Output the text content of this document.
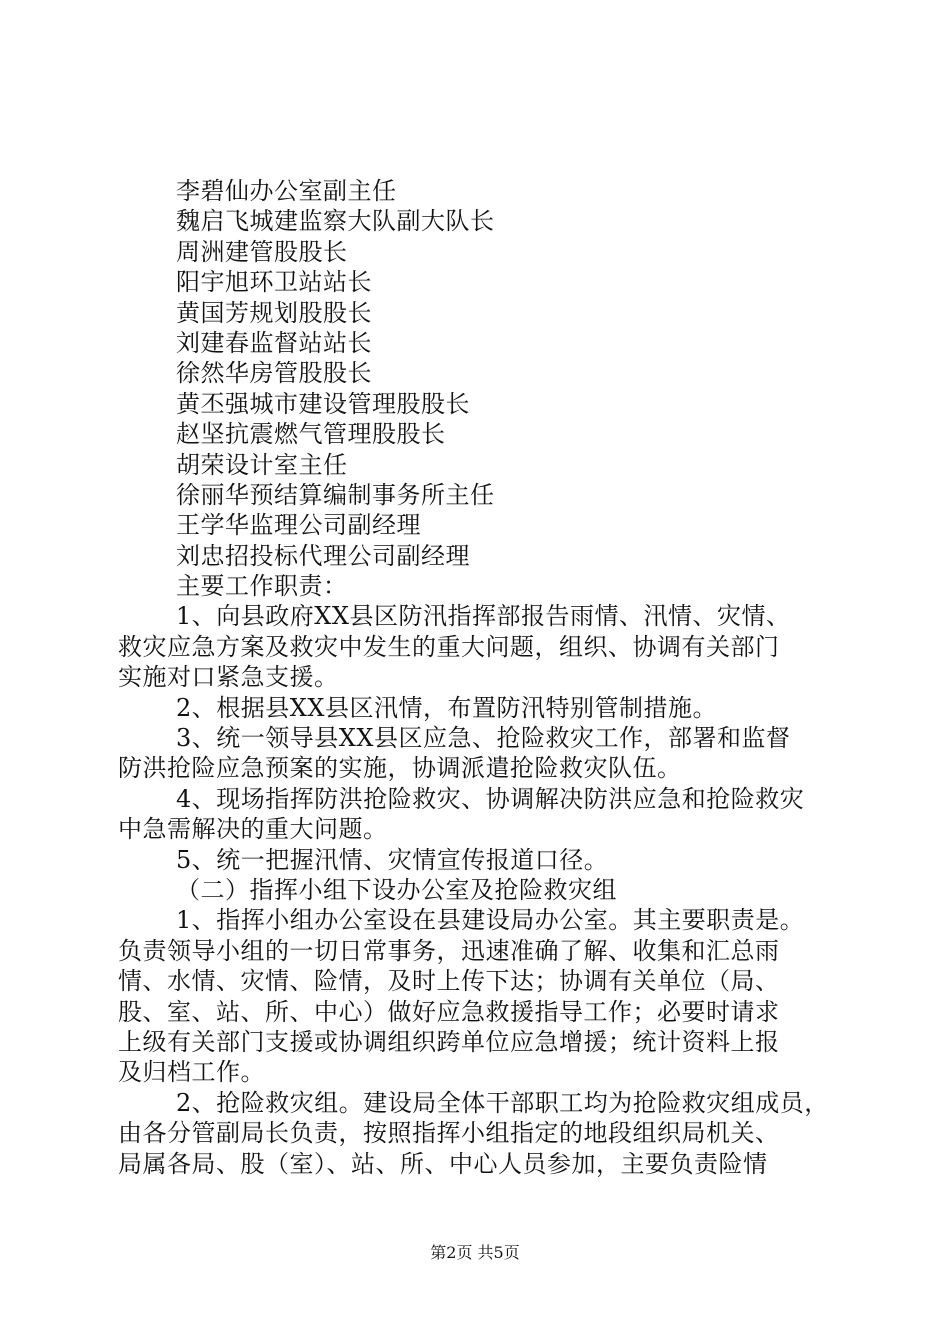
李碧仙办公室副主任
魏启飞城建监察大队副大队长
周洲建管股股长
阳宇旭环卫站站长
黄国芳规划股股长
刘建春监督站站长
徐然华房管股股长
黄丕强城市建设管理股股长
赵坚抗震燃气管理股股长
胡荣设计室主任
徐丽华预结算编制事务所主任
王学华监理公司副经理
刘忠招投标代理公司副经理
主要工作职责：
1、向县政府XX县区防汛指挥部报告雨情、汛情、灾情、
救灾应急方案及救灾中发生的重大问题，组织、协调有关部门
实施对口紧急支援。
2、根据县XX县区汛情，布置防汛特别管制措施。
3、统一领导县XX县区应急、抢险救灾工作，部署和监督
防洪抢险应急预案的实施，协调派遣抢险救灾队伍。
4、现场指挥防洪抢险救灾、协调解决防洪应急和抢险救灾
中急需解决的重大问题。
5、统一把握汛情、灾情宣传报道口径。
（二）指挥小组下设办公室及抢险救灾组
1、指挥小组办公室设在县建设局办公室。其主要职责是。
负责领导小组的一切日常事务，迅速准确了解、收集和汇总雨
情、水情、灾情、险情，及时上传下达；协调有关单位（局、
股、室、站、所、中心）做好应急救援指导工作；必要时请求
上级有关部门支援或协调组织跨单位应急增援；统计资料上报
及归档工作。
2、抢险救灾组。建设局全体干部职工均为抢险救灾组成员，
由各分管副局长负责，按照指挥小组指定的地段组织局机关、
局属各局、股（室）、站、所、中心人员参加，主要负责险情
第2页 共5页
